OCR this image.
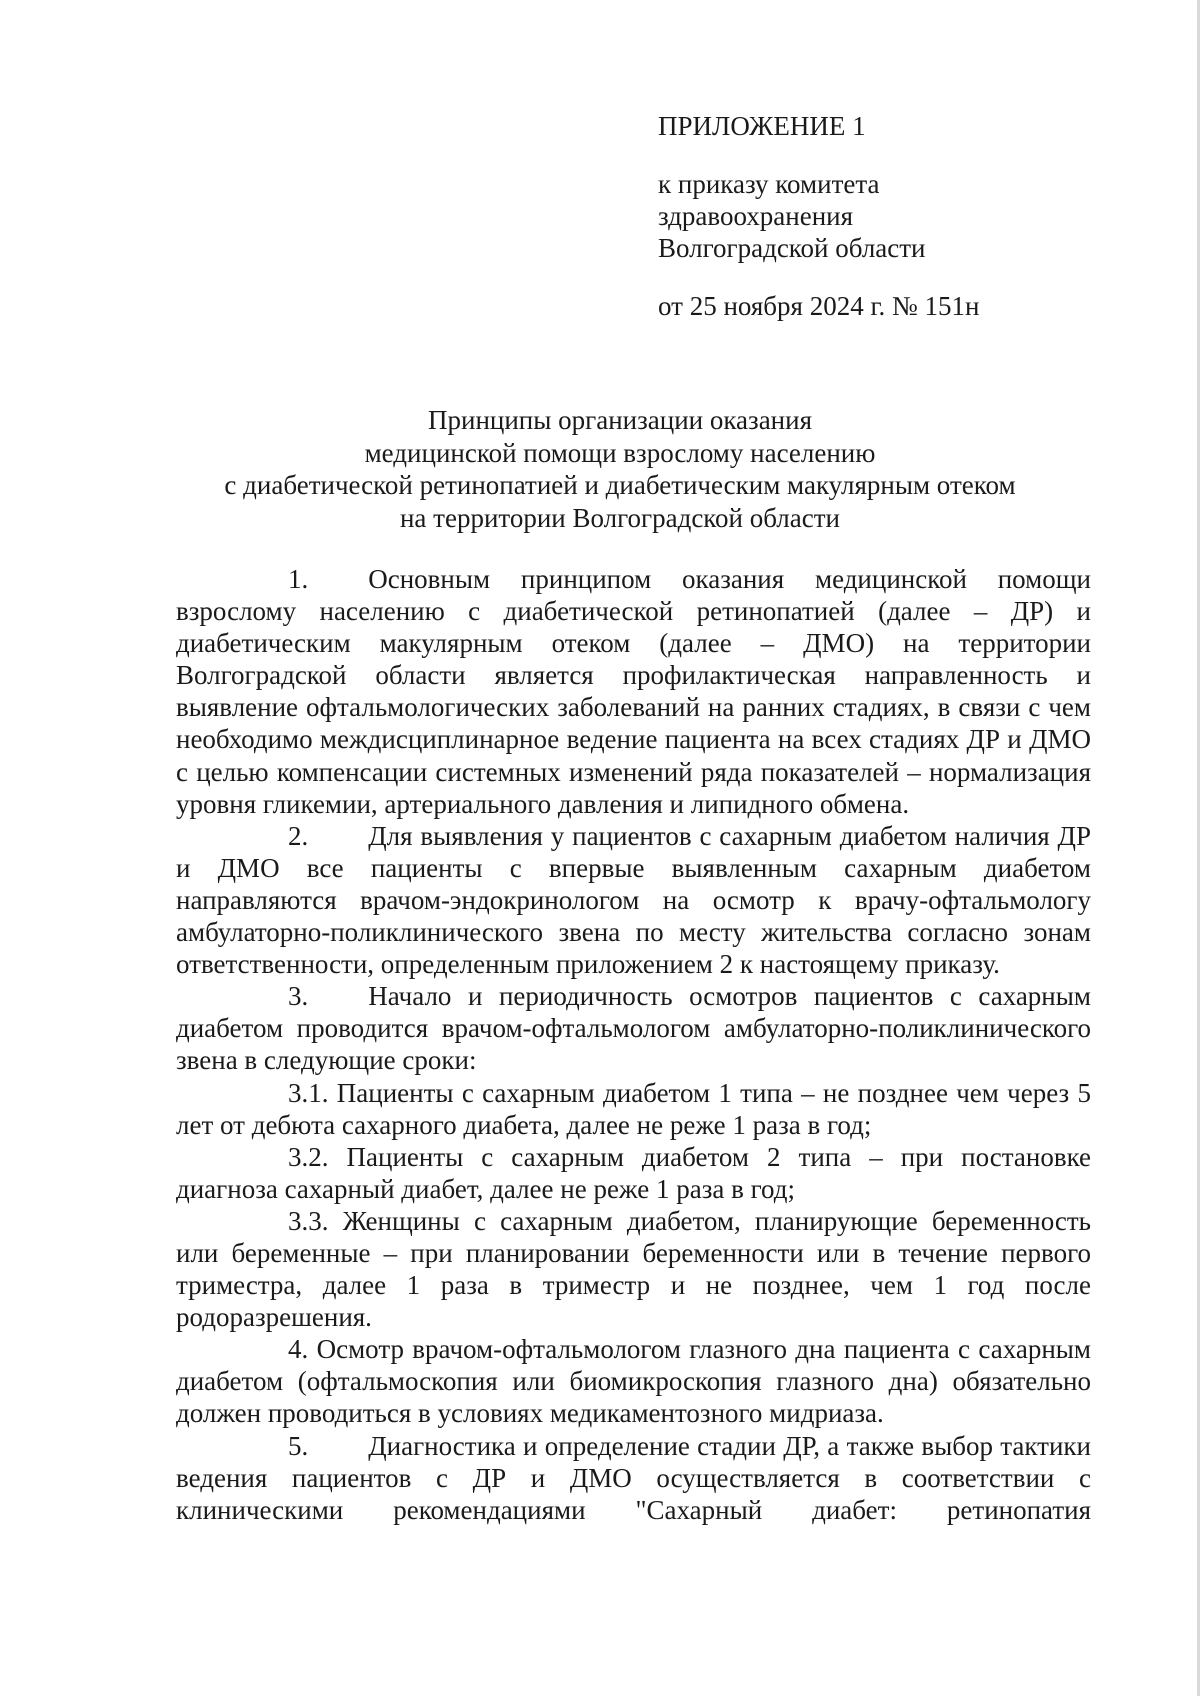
ПРИЛОЖЕНИЕ 1
к приказу комитета
здравоохранения
Волгоградской области
от 25 ноября 2024 г. № 151н
Принципы организации оказания
медицинской помощи взрослому населению
с диабетической ретинопатией и диабетическим макулярным отеком
на территории Волгоградской области

1. Основным принципом оказания медицинской помощи взрослому населению с диабетической ретинопатией (далее – ДР) и диабетическим макулярным отеком (далее – ДМО) на территории Волгоградской области является профилактическая направленность и выявление офтальмологических заболеваний на ранних стадиях, в связи с чем необходимо междисциплинарное ведение пациента на всех стадиях ДР и ДМО с целью компенсации системных изменений ряда показателей – нормализация уровня гликемии, артериального давления и липидного обмена.

2. Для выявления у пациентов с сахарным диабетом наличия ДР и ДМО все пациенты с впервые выявленным сахарным диабетом направляются врачом-эндокринологом на осмотр к врачу-офтальмологу амбулаторно-поликлинического звена по месту жительства согласно зонам ответственности, определенным приложением 2 к настоящему приказу.

3. Начало и периодичность осмотров пациентов с сахарным диабетом проводится врачом-офтальмологом амбулаторно-поликлинического звена в следующие сроки:

3.1. Пациенты с сахарным диабетом 1 типа – не позднее чем через 5 лет от дебюта сахарного диабета, далее не реже 1 раза в год;

3.2. Пациенты с сахарным диабетом 2 типа – при постановке диагноза сахарный диабет, далее не реже 1 раза в год;

3.3. Женщины с сахарным диабетом, планирующие беременность или беременные – при планировании беременности или в течение первого триместра, далее 1 раза в триместр и не позднее, чем 1 год после родоразрешения.

4. Осмотр врачом-офтальмологом глазного дна пациента с сахарным диабетом (офтальмоскопия или биомикроскопия глазного дна) обязательно должен проводиться в условиях медикаментозного мидриаза.

5. Диагностика и определение стадии ДР, а также выбор тактики ведения пациентов с ДР и ДМО осуществляется в соответствии с клиническими рекомендациями "Сахарный диабет: ретинопатия
